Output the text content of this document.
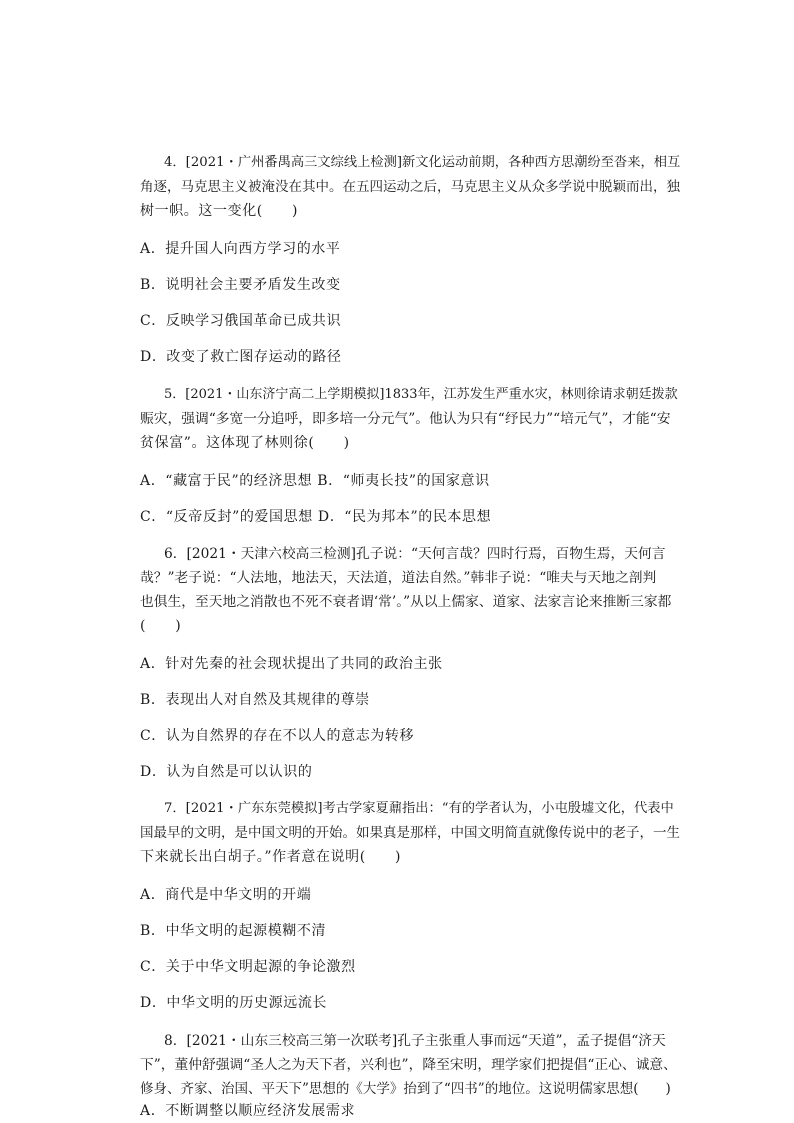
4．[2021・广州番禺高三文综线上检测]新文化运动前期，各种西方思潮纷至沓来，相互
角逐，马克思主义被淹没在其中。在五四运动之后，马克思主义从众多学说中脱颖而出，独
树一帜。这一变化(　　)
A．提升国人向西方学习的水平
B．说明社会主要矛盾发生改变
C．反映学习俄国革命已成共识
D．改变了救亡图存运动的路径
5．[2021・山东济宁高二上学期模拟]1833年，江苏发生严重水灾，林则徐请求朝廷拨款
赈灾，强调“多宽一分追呼，即多培一分元气”。他认为只有“纾民力”“培元气”，才能“安
贫保富”。这体现了林则徐(　　)
A．“藏富于民”的经济思想 B．“师夷长技”的国家意识
C．“反帝反封”的爱国思想 D．“民为邦本”的民本思想
6．[2021・天津六校高三检测]孔子说：“天何言哉？四时行焉，百物生焉，天何言
哉？”老子说：“人法地，地法天，天法道，道法自然。”韩非子说：“唯夫与天地之剖判
也俱生，至天地之消散也不死不衰者谓‘常’。”从以上儒家、道家、法家言论来推断三家都
(　　)
A．针对先秦的社会现状提出了共同的政治主张
B．表现出人对自然及其规律的尊崇
C．认为自然界的存在不以人的意志为转移
D．认为自然是可以认识的
7．[2021・广东东莞模拟]考古学家夏鼐指出：“有的学者认为，小屯殷墟文化，代表中
国最早的文明，是中国文明的开始。如果真是那样，中国文明简直就像传说中的老子，一生
下来就长出白胡子。”作者意在说明(　　)
A．商代是中华文明的开端
B．中华文明的起源模糊不清
C．关于中华文明起源的争论激烈
D．中华文明的历史源远流长
8．[2021・山东三校高三第一次联考]孔子主张重人事而远“天道”，孟子提倡“济天
下”，董仲舒强调“圣人之为天下者，兴利也”，降至宋明，理学家们把提倡“正心、诚意、
修身、齐家、治国、平天下”思想的《大学》抬到了“四书”的地位。这说明儒家思想(　　)
A．不断调整以顺应经济发展需求
